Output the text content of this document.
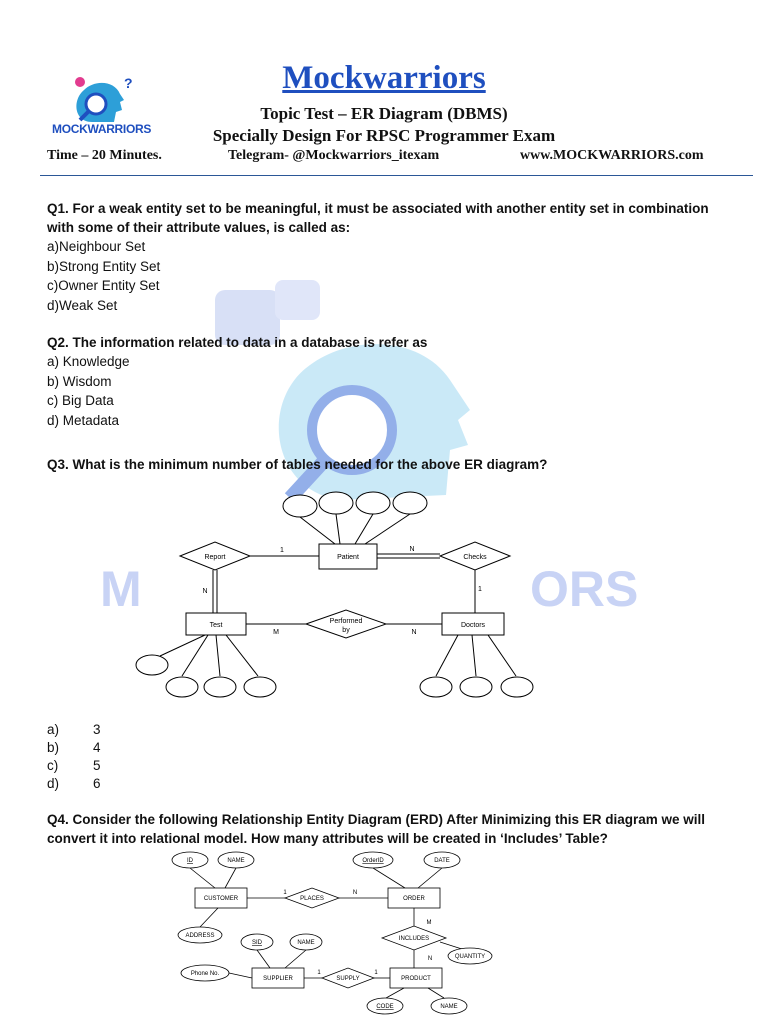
?
MOCKWARRIORS
Mockwarriors
Topic Test – ER Diagram (DBMS)
Specially Design For RPSC Programmer Exam
Time – 20 Minutes.	Telegram- @Mockwarriors_itexam	www.MOCKWARRIORS.com
M	ORS
Q1. For a weak entity set to be meaningful, it must be associated with another entity set in combination with some of their attribute values, is called as:
a)Neighbour Set
b)Strong Entity Set
c)Owner Entity Set
d)Weak Set
Q2. The information related to data in a database is refer as
a) Knowledge
b) Wisdom
c) Big Data
d) Metadata
Q3. What is the minimum number of tables needed for the above ER diagram?
Report	Patient	Checks
Test
Performed
by
Doctors
1	N
N	1
M	N
a)	3
b)	4
c)	5
d)	6
Q4. Consider the following Relationship Entity Diagram (ERD) After Minimizing this ER diagram we will convert it into relational model. How many attributes will be created in ‘Includes’ Table?
ID	NAME	OrderID	DATE
CUSTOMER	PLACES	ORDER
ADDRESS	INCLUDES
QUANTITY
SID	NAME
Phone No.
SUPPLIER	SUPPLY	PRODUCT
CODE	NAME
1	N
M
N
1	1
